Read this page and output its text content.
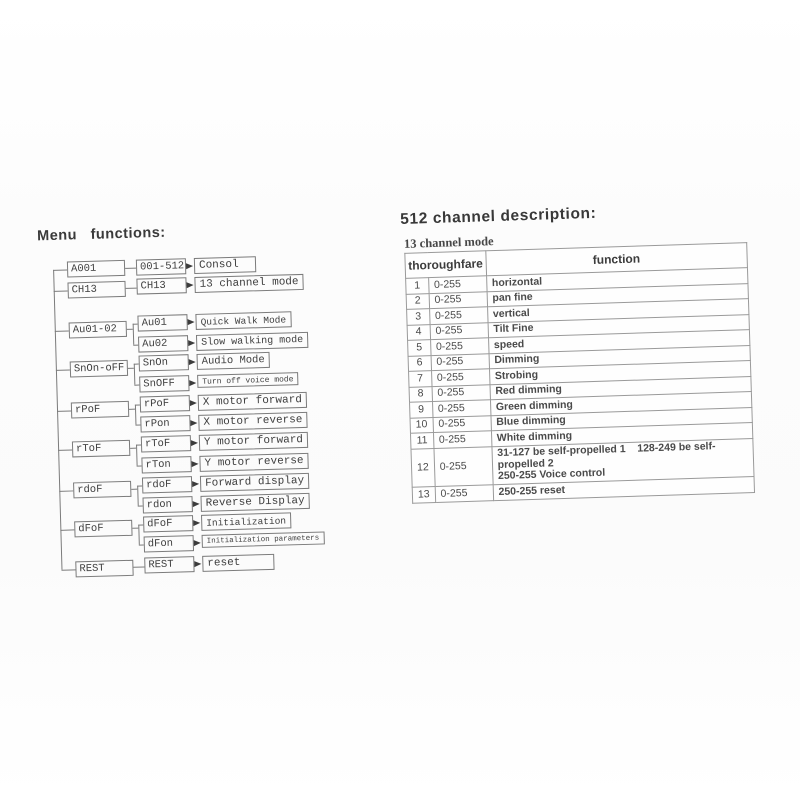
Menu   functions:
A001	001-512	Consol
CH13	CH13	13 channel mode
Au01-02
Au01	Quick Walk Mode
Au02	Slow walking mode
SnOn-oFF	SnOn	Audio Mode
SnOFF	Turn off voice mode
rPoF	rPoF	X motor forward
rPon	X motor reverse
rToF	rToF	Y motor forward
rTon	Y motor reverse
rdoF	rdoF	Forward display
rdon	Reverse Display
dFoF	dFoF	Initialization
dFon	Initialization parameters
REST	REST	reset
512 channel description:
13 channel mode
thoroughfare		function
1	0-255	horizontal
2	0-255	pan fine
3	0-255	vertical
4	0-255	Tilt Fine
5	0-255	speed
6	0-255	Dimming
7	0-255	Strobing
8	0-255	Red dimming
9	0-255	Green dimming
10	0-255	Blue dimming
11	0-255	White dimming
12	0-255	31-127 be self-propelled 1    128-249 be self-propelled 2
250-255 Voice control
13	0-255	250-255 reset
